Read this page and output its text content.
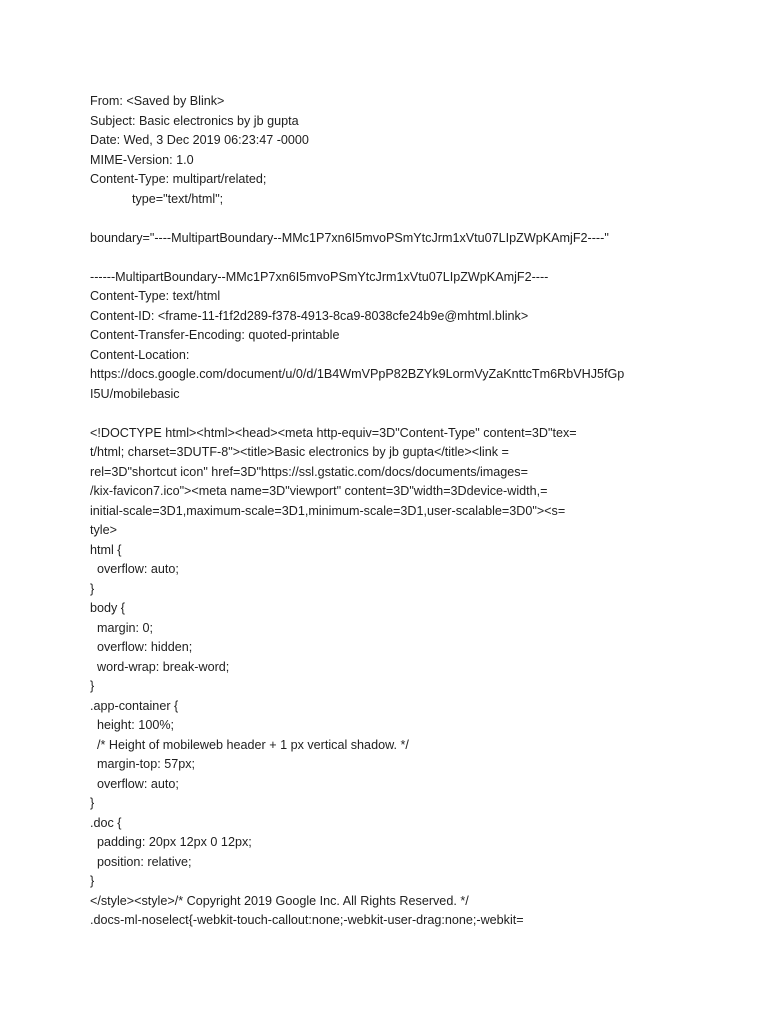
From: <Saved by Blink>
Subject: Basic electronics by jb gupta
Date: Wed, 3 Dec 2019 06:23:47 -0000
MIME-Version: 1.0
Content-Type: multipart/related;
type="text/html";
boundary="----MultipartBoundary--MMc1P7xn6I5mvoPSmYtcJrm1xVtu07LIpZWpKAmjF2----"
------MultipartBoundary--MMc1P7xn6I5mvoPSmYtcJrm1xVtu07LIpZWpKAmjF2----
Content-Type: text/html
Content-ID: <frame-11-f1f2d289-f378-4913-8ca9-8038cfe24b9e@mhtml.blink>
Content-Transfer-Encoding: quoted-printable
Content-Location:
https://docs.google.com/document/u/0/d/1B4WmVPpP82BZYk9LormVyZaKnttcTm6RbVHJ5fGp
I5U/mobilebasic
<!DOCTYPE html><html><head><meta http-equiv=3D"Content-Type" content=3D"tex=
t/html; charset=3DUTF-8"><title>Basic electronics by jb gupta</title><link =
rel=3D"shortcut icon" href=3D"https://ssl.gstatic.com/docs/documents/images=
/kix-favicon7.ico"><meta name=3D"viewport" content=3D"width=3Ddevice-width,=
initial-scale=3D1,maximum-scale=3D1,minimum-scale=3D1,user-scalable=3D0"><s=
tyle>
html {
overflow: auto;
}
body {
margin: 0;
overflow: hidden;
word-wrap: break-word;
}
.app-container {
height: 100%;
/* Height of mobileweb header + 1 px vertical shadow. */
margin-top: 57px;
overflow: auto;
}
.doc {
padding: 20px 12px 0 12px;
position: relative;
}
</style><style>/* Copyright 2019 Google Inc. All Rights Reserved. */
.docs-ml-noselect{-webkit-touch-callout:none;-webkit-user-drag:none;-webkit=
